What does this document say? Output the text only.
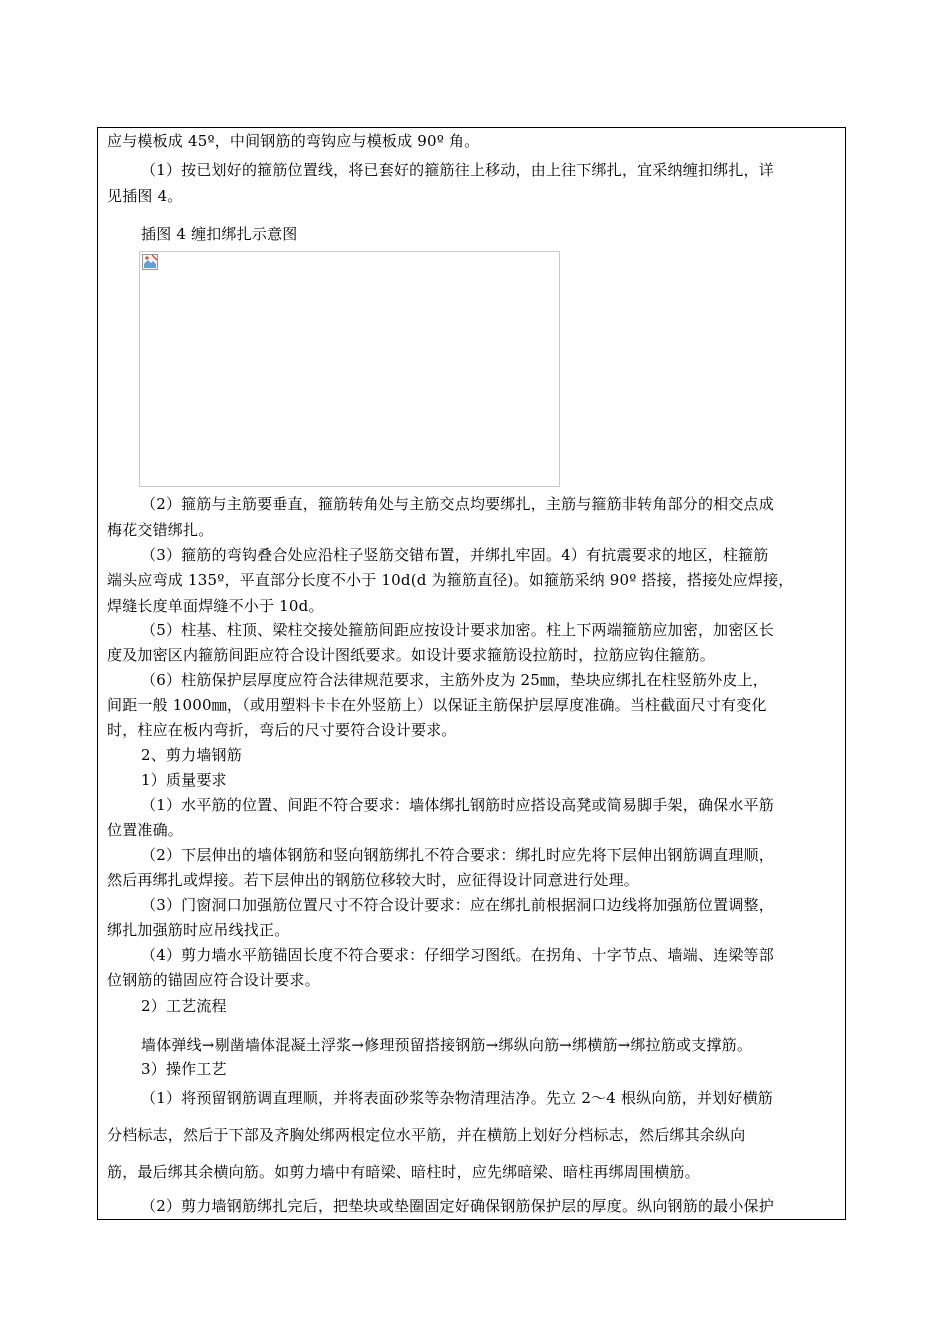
应与模板成 45º，中间钢筋的弯钩应与模板成 90º 角。
（1）按已划好的箍筋位置线，将已套好的箍筋往上移动，由上往下绑扎，宜采纳缠扣绑扎，详
见插图 4。
插图 4 缠扣绑扎示意图
（2）箍筋与主筋要垂直，箍筋转角处与主筋交点均要绑扎，主筋与箍筋非转角部分的相交点成
梅花交错绑扎。
（3）箍筋的弯钩叠合处应沿柱子竖筋交错布置，并绑扎牢固。4）有抗震要求的地区，柱箍筋
端头应弯成 135º，平直部分长度不小于 10d(d 为箍筋直径)。如箍筋采纳 90º 搭接，搭接处应焊接，
焊缝长度单面焊缝不小于 10d。
（5）柱基、柱顶、梁柱交接处箍筋间距应按设计要求加密。柱上下两端箍筋应加密，加密区长
度及加密区内箍筋间距应符合设计图纸要求。如设计要求箍筋设拉筋时，拉筋应钩住箍筋。
（6）柱筋保护层厚度应符合法律规范要求，主筋外皮为 25㎜，垫块应绑扎在柱竖筋外皮上，
间距一般 1000㎜，（或用塑料卡卡在外竖筋上）以保证主筋保护层厚度准确。当柱截面尺寸有变化
时，柱应在板内弯折，弯后的尺寸要符合设计要求。
2、剪力墙钢筋
1）质量要求
（1）水平筋的位置、间距不符合要求：墙体绑扎钢筋时应搭设高凳或简易脚手架，确保水平筋
位置准确。
（2）下层伸出的墙体钢筋和竖向钢筋绑扎不符合要求：绑扎时应先将下层伸出钢筋调直理顺，
然后再绑扎或焊接。若下层伸出的钢筋位移较大时，应征得设计同意进行处理。
（3）门窗洞口加强筋位置尺寸不符合设计要求：应在绑扎前根据洞口边线将加强筋位置调整，
绑扎加强筋时应吊线找正。
（4）剪力墙水平筋锚固长度不符合要求：仔细学习图纸。在拐角、十字节点、墙端、连梁等部
位钢筋的锚固应符合设计要求。
2）工艺流程
墙体弹线→剔凿墙体混凝土浮浆→修理预留搭接钢筋→绑纵向筋→绑横筋→绑拉筋或支撑筋。
3）操作工艺
（1）将预留钢筋调直理顺，并将表面砂浆等杂物清理洁净。先立 2～4 根纵向筋，并划好横筋
分档标志，然后于下部及齐胸处绑两根定位水平筋，并在横筋上划好分档标志，然后绑其余纵向
筋，最后绑其余横向筋。如剪力墙中有暗梁、暗柱时，应先绑暗梁、暗柱再绑周围横筋。
（2）剪力墙钢筋绑扎完后，把垫块或垫圈固定好确保钢筋保护层的厚度。纵向钢筋的最小保护
